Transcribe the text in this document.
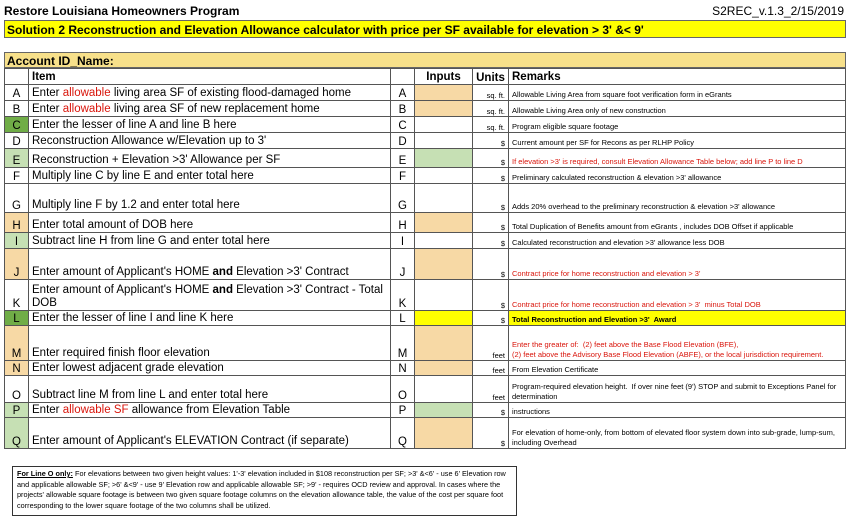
Restore Louisiana Homeowners Program	S2REC_v.1.3_2/15/2019
Solution 2 Reconstruction and Elevation Allowance calculator with price per SF available for elevation > 3' &< 9'
Account ID_Name:
	Item		Inputs	Units	Remarks
A	Enter allowable living area SF of existing flood-damaged home	A		sq. ft.	Allowable Living Area from square foot verification form in eGrants
B	Enter allowable living area SF of new replacement home	B		sq. ft.	Allowable Living Area only of new construction
C	Enter the lesser of line A and line B here	C		sq. ft.	Program eligible square footage
D	Reconstruction Allowance w/Elevation up to 3'	D		$	Current amount per SF for Recons as per RLHP Policy
E	Reconstruction + Elevation >3' Allowance per SF	E		$	If elevation >3' is required, consult Elevation Allowance Table below; add line P to line D
F	Multiply line C by line E and enter total here	F		$	Preliminary calculated reconstruction & elevation >3' allowance
G	Multiply line F by 1.2 and enter total here	G		$	Adds 20% overhead to the preliminary reconstruction & elevation >3' allowance
H	Enter total amount of DOB here	H		$	Total Duplication of Benefits amount from eGrants , includes DOB Offset if applicable
I	Subtract line H from line G and enter total here	I		$	Calculated reconstruction and elevation >3' allowance less DOB
J	Enter amount of Applicant's HOME and Elevation >3' Contract	J		$	Contract price for home reconstruction and elevation > 3'
K	Enter amount of Applicant's HOME and Elevation >3' Contract - Total DOB	K		$	Contract price for home reconstruction and elevation > 3'  minus Total DOB
L	Enter the lesser of line I and line K here	L		$	Total Reconstruction and Elevation >3'  Award
M	Enter required finish floor elevation	M		feet	Enter the greater of:  (2) feet above the Base Flood Elevation (BFE),
(2) feet above the Advisory Base Flood Elevation (ABFE), or the local jurisdiction requirement.
N	Enter lowest adjacent grade elevation	N		feet	From Elevation Certificate
O	Subtract line M from line L and enter total here	O		feet	Program-required elevation height.  If over nine feet (9') STOP and submit to Exceptions Panel for determination
P	Enter allowable SF allowance from Elevation Table	P		$	instructions
Q	Enter amount of Applicant's ELEVATION Contract (if separate)	Q		$	For elevation of home-only, from bottom of elevated floor system down into sub-grade, lump-sum, including Overhead
For Line O only: For elevations between two given height values: 1'-3' elevation included in $108 reconstruction per SF; >3' &<6' - use 6' Elevation row and applicable allowable SF; >6' &<9' - use 9' Elevation row and applicable allowable SF; >9' - requires OCD review and approval. In cases where the projects' allowable square footage is between two given square footage columns on the elevation allowance table, the value of the cost per square foot corresponding to the lower square footage of the two columns shall be utilized.
